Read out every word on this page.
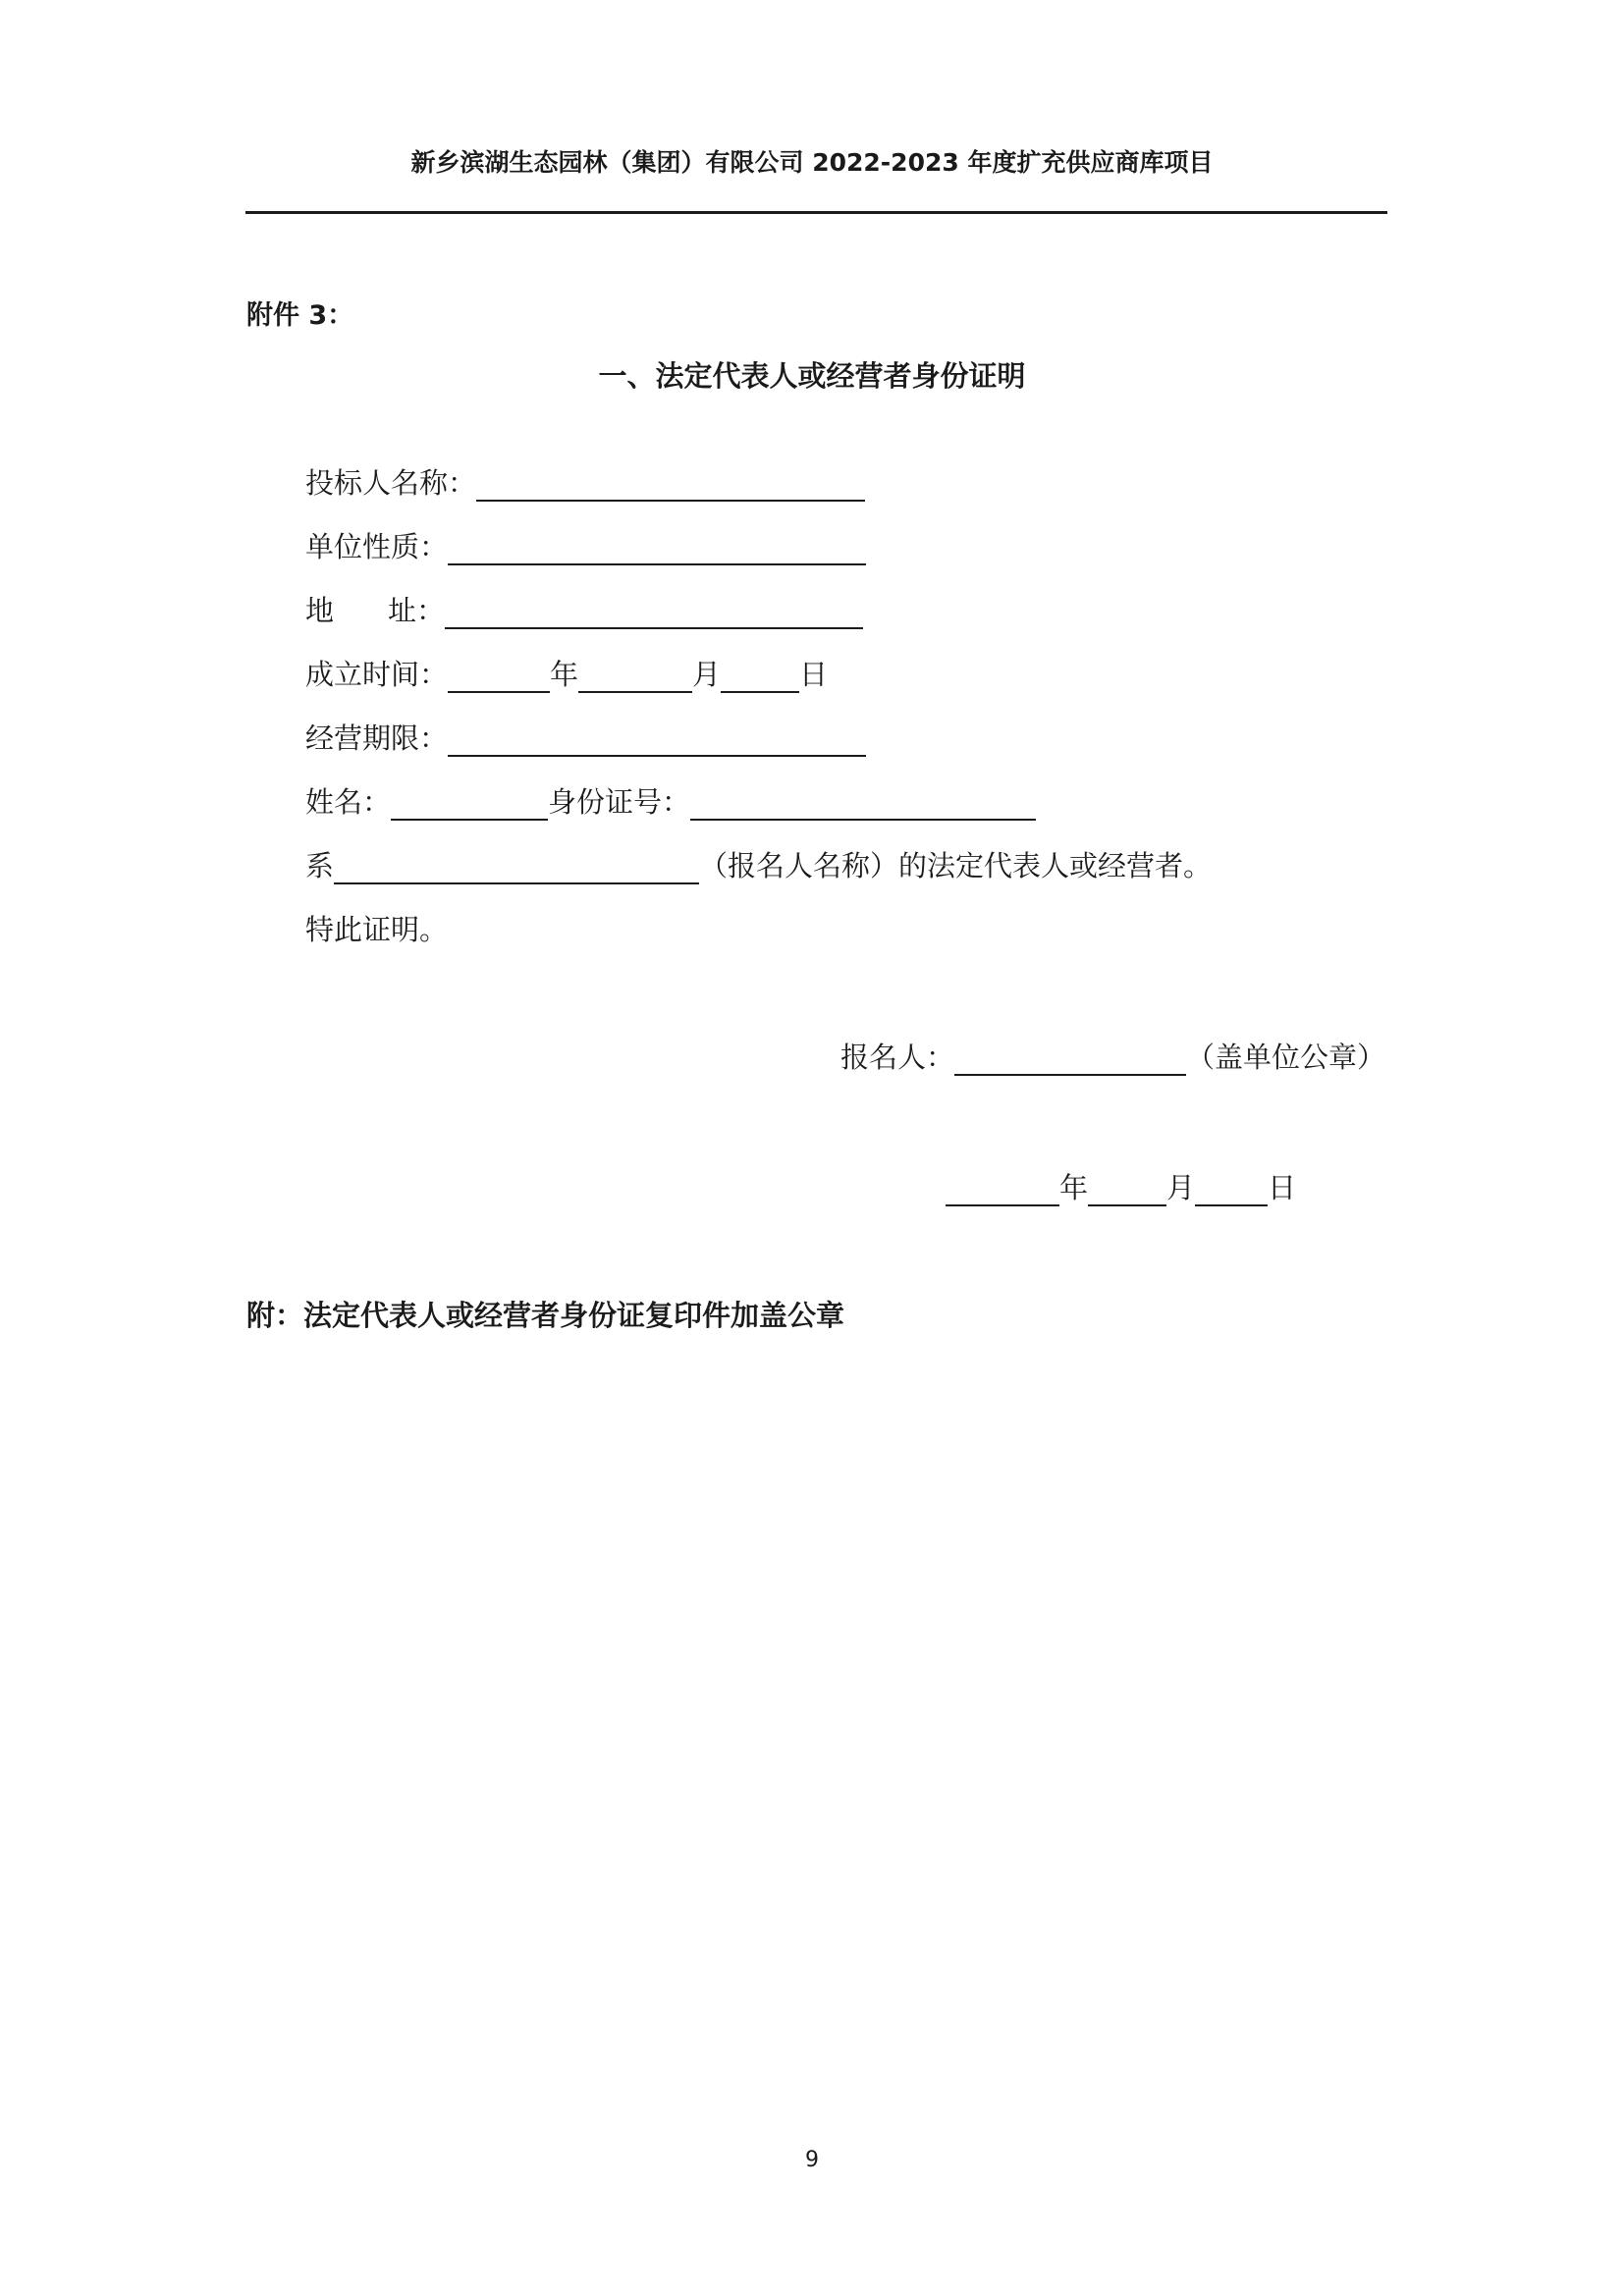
新乡滨湖生态园林（集团）有限公司 2022-2023 年度扩充供应商库项目
附件 3：
一、法定代表人或经营者身份证明
投标人名称：
单位性质：
地	址：
成立时间：	年	月	日
经营期限：
姓名：	身份证号：
系	（报名人名称）的法定代表人或经营者。
特此证明。
报名人：	（盖单位公章）
年	月	日
附：法定代表人或经营者身份证复印件加盖公章
9
